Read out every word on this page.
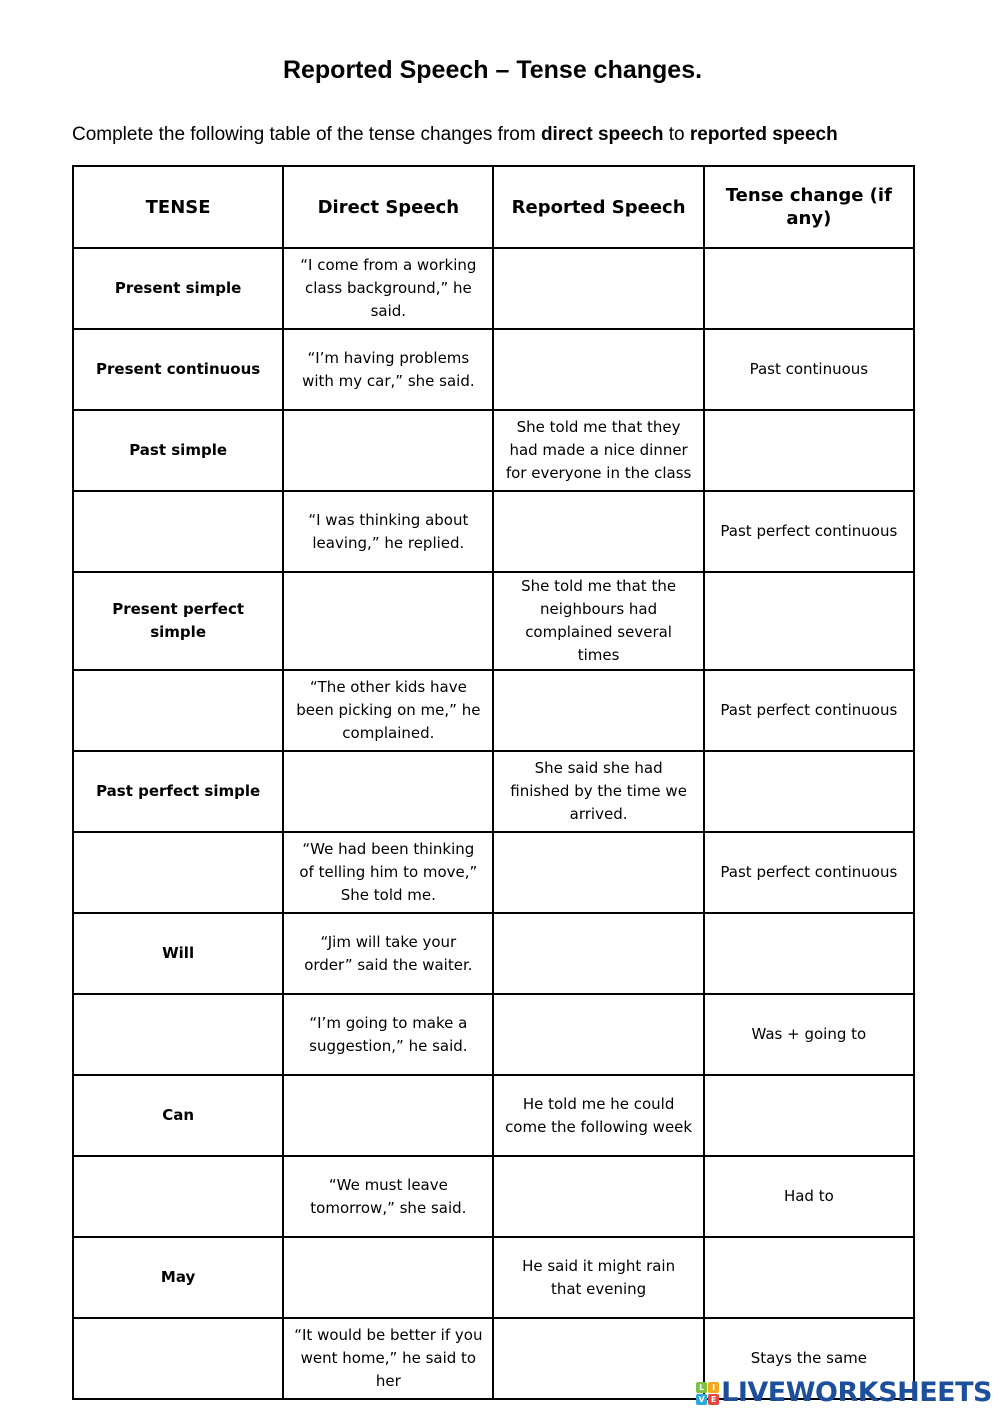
Reported Speech – Tense changes.

Complete the following table of the tense changes from direct speech to reported speech

TENSE	Direct Speech	Reported Speech	Tense change (if any)
Present simple	“I come from a working class background,” he said.		
Present continuous	“I’m having problems with my car,” she said.		Past continuous
Past simple		She told me that they had made a nice dinner for everyone in the class	
	“I was thinking about leaving,” he replied.		Past perfect continuous
Present perfect simple		She told me that the neighbours had complained several times	
	“The other kids have been picking on me,” he complained.		Past perfect continuous
Past perfect simple		She said she had finished by the time we arrived.	
	“We had been thinking of telling him to move,” She told me.		Past perfect continuous
Will	“Jim will take your order” said the waiter.		
	“I’m going to make a suggestion,” he said.		Was + going to
Can		He told me he could come the following week	
	“We must leave tomorrow,” she said.		Had to
May		He said it might rain that evening	
	“It would be better if you went home,” he said to her		Stays the same
L I
V E LIVEWORKSHEETS
